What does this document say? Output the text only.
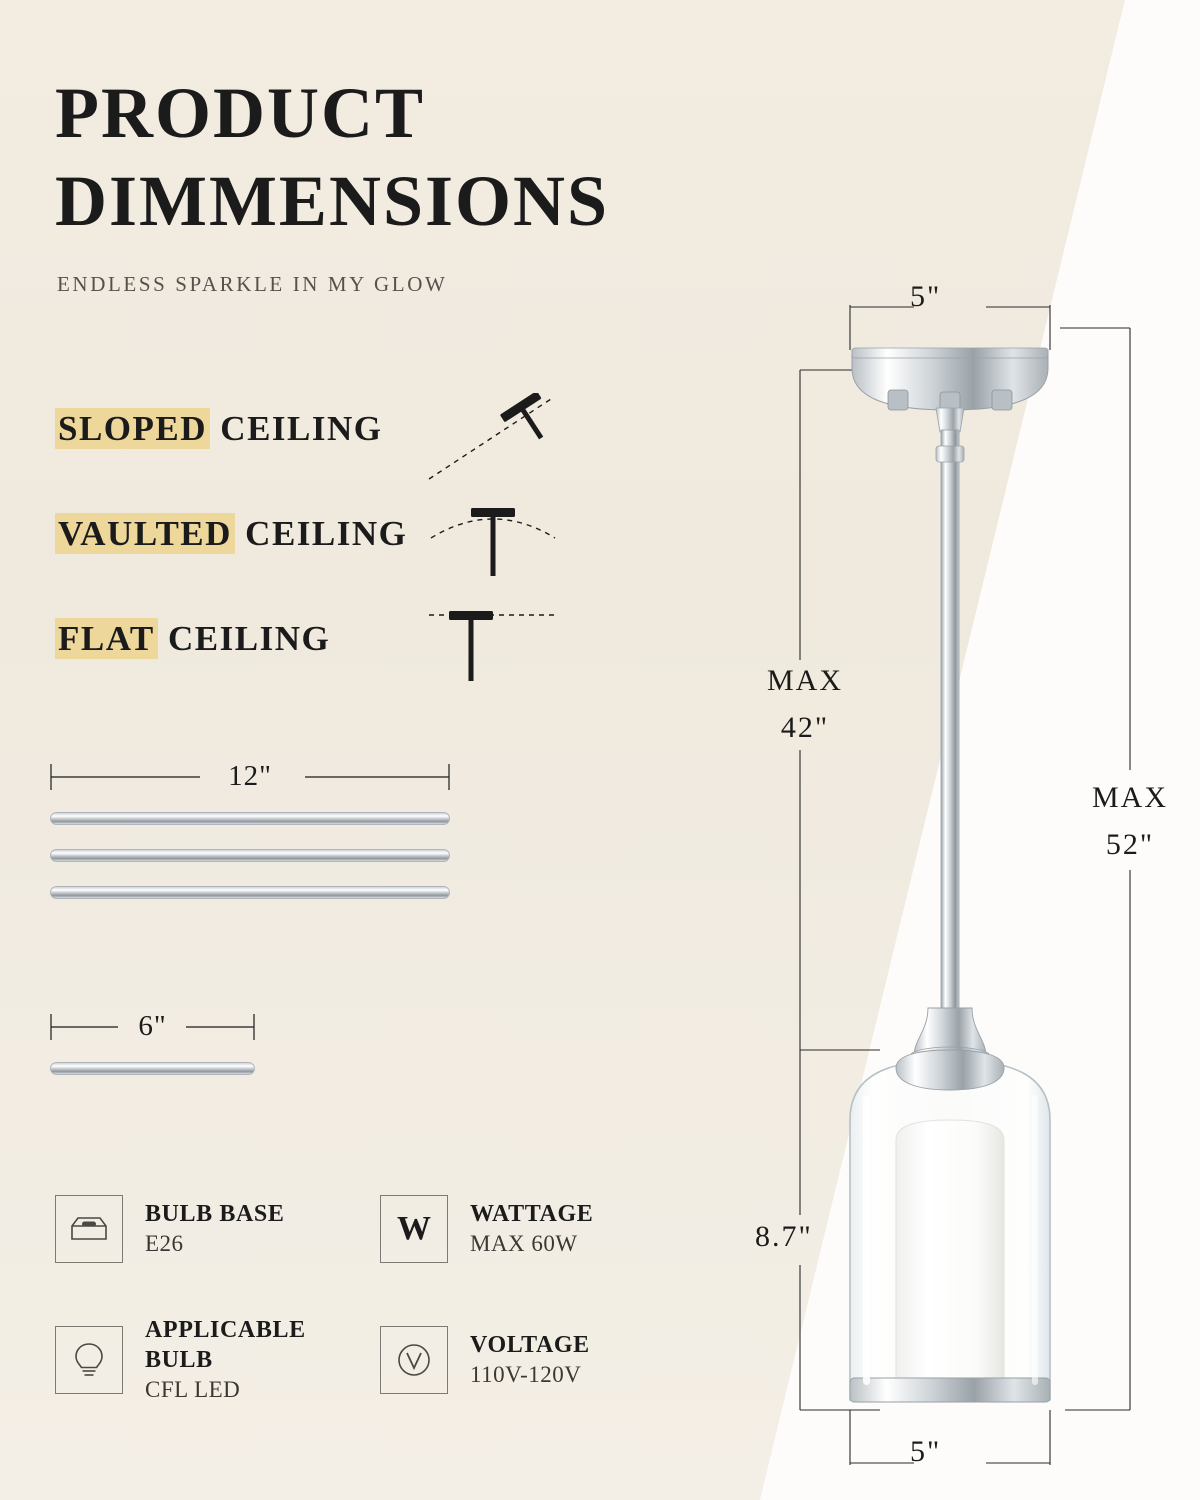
PRODUCT
DIMMENSIONS
ENDLESS SPARKLE IN MY GLOW
SLOPED CEILING
VAULTED CEILING
FLAT CEILING
12"
6"
BULB BASE
E26	W WATTAGE
MAX 60W
APPLICABLE BULB
CFL LED
VOLTAGE
110V-120V
5"
MAX
42"
MAX
52"
8.7"
5"
